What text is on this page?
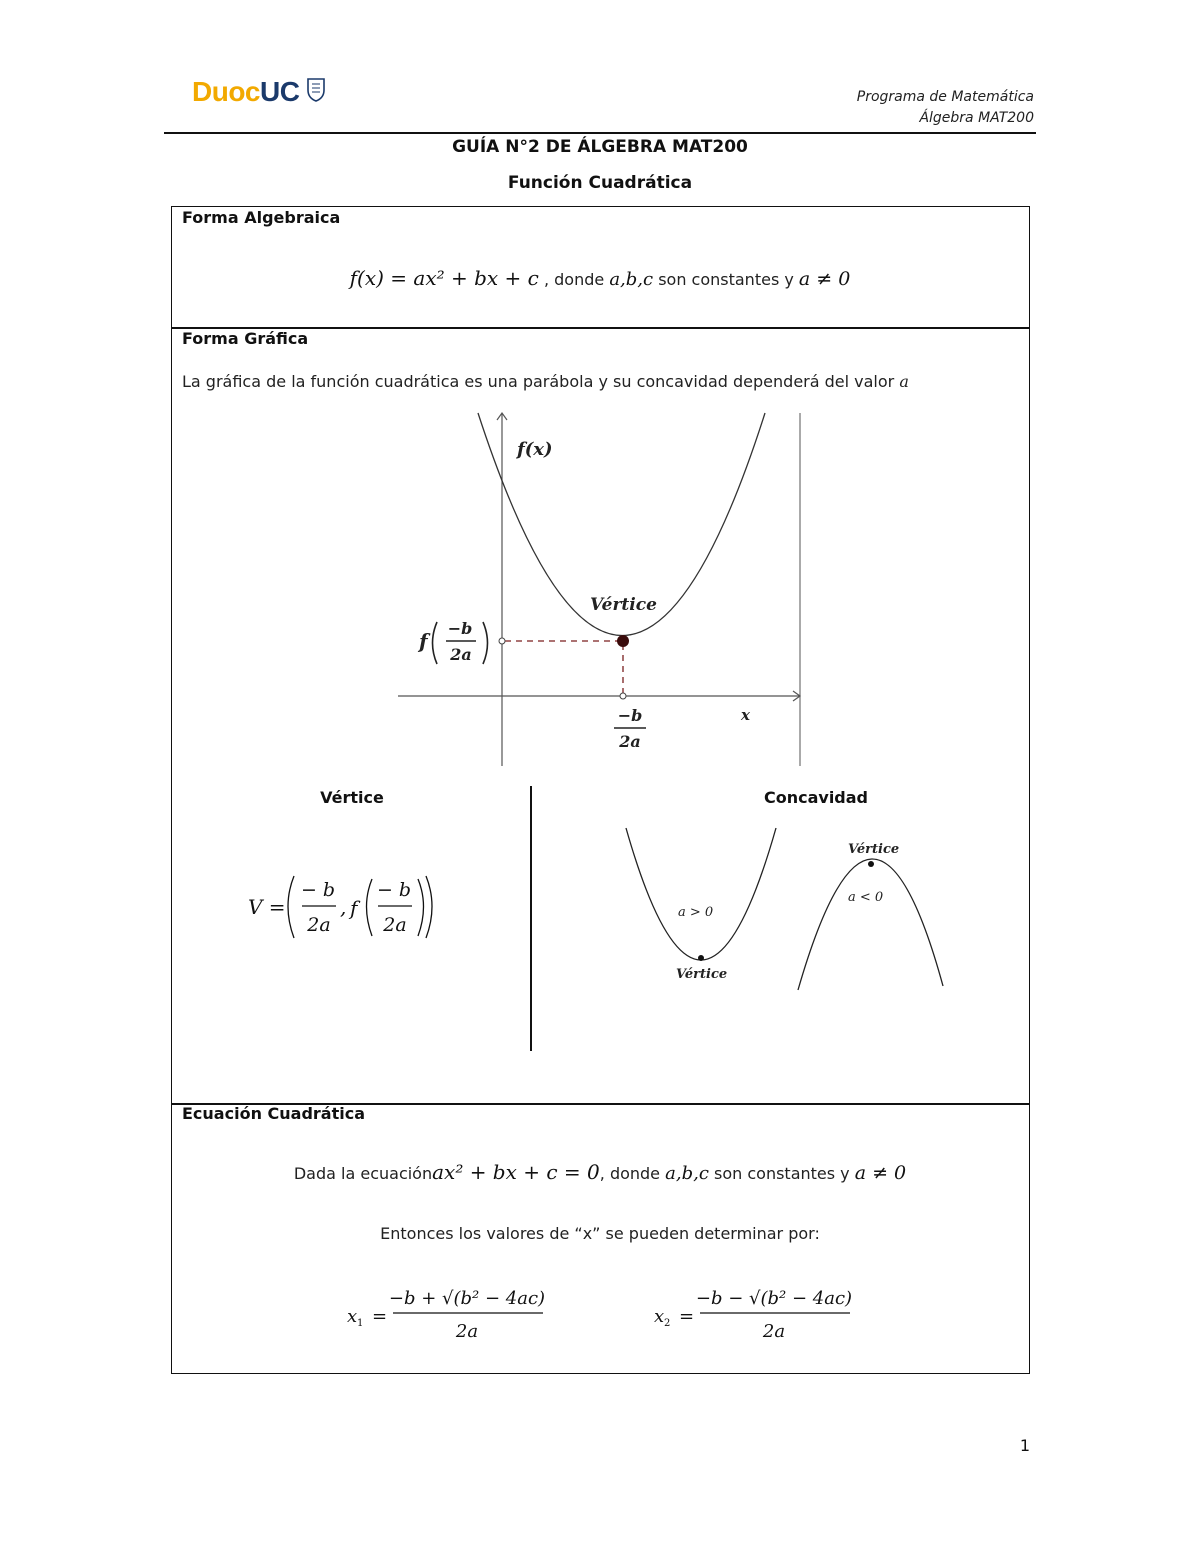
DuocUC	Programa de Matemática
Álgebra MAT200
GUÍA N°2 DE ÁLGEBRA MAT200
Función Cuadrática
Forma Algebraica
f(x) = ax² + bx + c , donde a,b,c son constantes y a ≠ 0
Forma Gráfica
La gráfica de la función cuadrática es una parábola y su concavidad dependerá del valor a
f(x)
x
Vértice
f
−b
2a
−b
2a
Vértice
V =
− b
2a
, f
− b
2a
Concavidad
a > 0
Vértice
Vértice
a < 0
Ecuación Cuadrática
Dada la ecuaciónax² + bx + c = 0, donde a,b,c son constantes y a ≠ 0
Entonces los valores de “x” se pueden determinar por:
x 1 =
−b + √(b² − 4ac)
2a
x 2 =
−b − √(b² − 4ac)
2a
1
